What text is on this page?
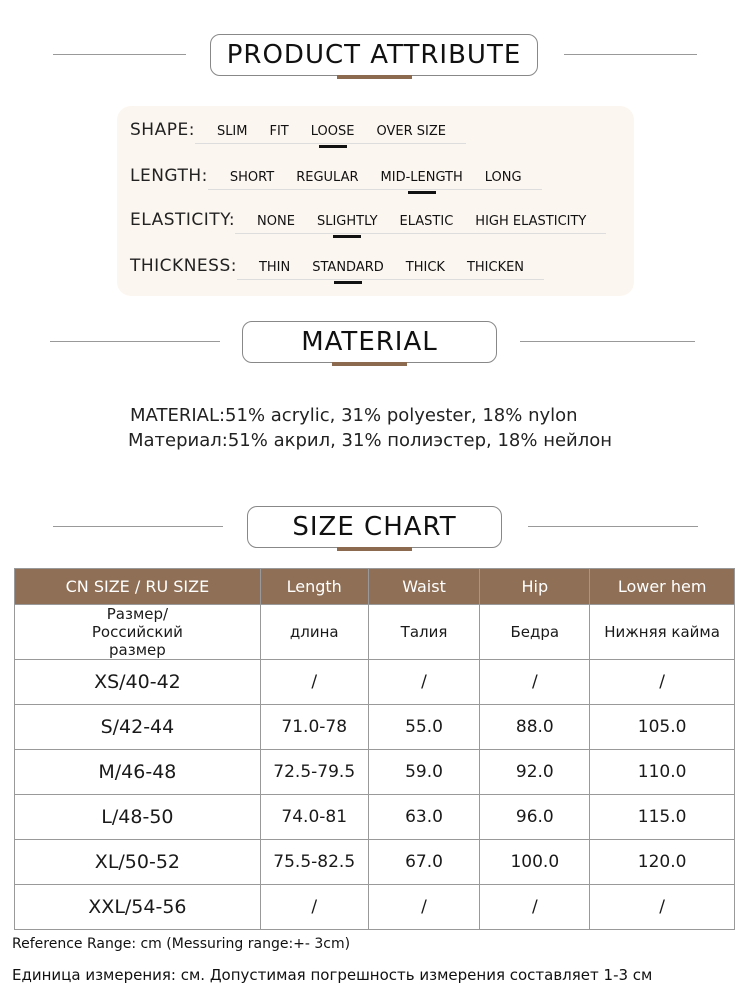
PRODUCT ATTRIBUTE
SHAPE: SLIM FIT LOOSE OVER SIZE
LENGTH: SHORT REGULAR MID-LENGTH LONG
ELASTICITY: NONE SLIGHTLY ELASTIC HIGH ELASTICITY
THICKNESS: THIN STANDARD THICK THICKEN
MATERIAL
MATERIAL:51% acrylic, 31% polyester, 18% nylon
Материал:51% акрил, 31% полиэстер, 18% нейлон
SIZE CHART
CN SIZE / RU SIZE	Length	Waist	Hip	Lower hem
Размер/Российский размер	длина	Талия	Бедра	Нижняя кайма
XS/40-42	/	/	/	/
S/42-44	71.0-78	55.0	88.0	105.0
M/46-48	72.5-79.5	59.0	92.0	110.0
L/48-50	74.0-81	63.0	96.0	115.0
XL/50-52	75.5-82.5	67.0	100.0	120.0
XXL/54-56	/	/	/	/
Reference Range: cm (Messuring range:+- 3cm)
Единица измерения: см. Допустимая погрешность измерения составляет 1-3 см
